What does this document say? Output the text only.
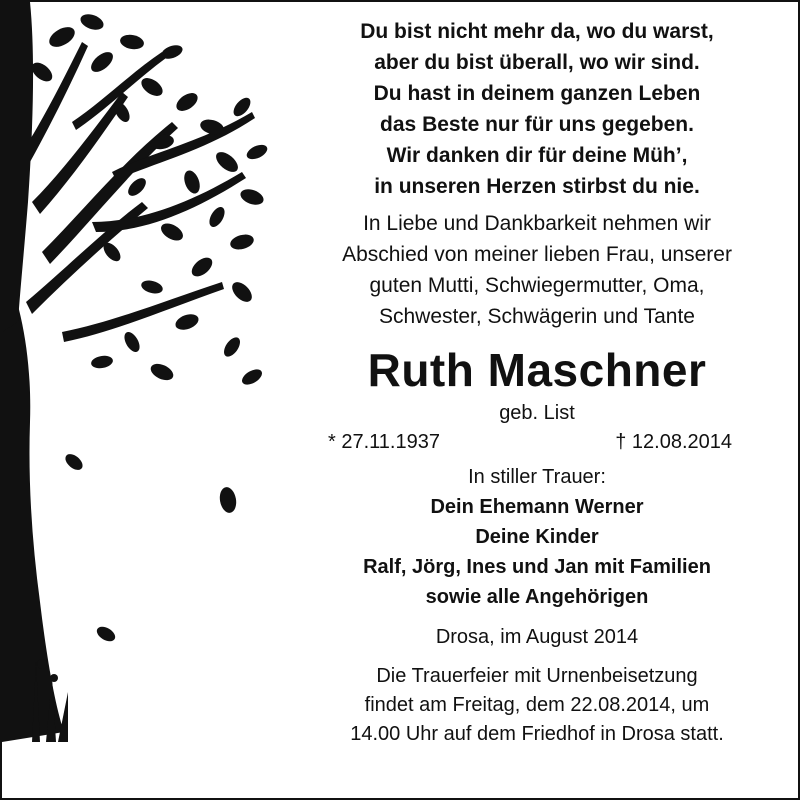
Du bist nicht mehr da, wo du warst,
aber du bist überall, wo wir sind.
Du hast in deinem ganzen Leben
das Beste nur für uns gegeben.
Wir danken dir für deine Müh’,
in unseren Herzen stirbst du nie.

In Liebe und Dankbarkeit nehmen wir
Abschied von meiner lieben Frau, unserer
guten Mutti, Schwiegermutter, Oma,
Schwester, Schwägerin und Tante

Ruth Maschner

geb. List

* 27.11.1937	† 12.08.2014

In stiller Trauer:

Dein Ehemann Werner
Deine Kinder
Ralf, Jörg, Ines und Jan mit Familien
sowie alle Angehörigen

Drosa, im August 2014

Die Trauerfeier mit Urnenbeisetzung
findet am Freitag, dem 22.08.2014, um
14.00 Uhr auf dem Friedhof in Drosa statt.
